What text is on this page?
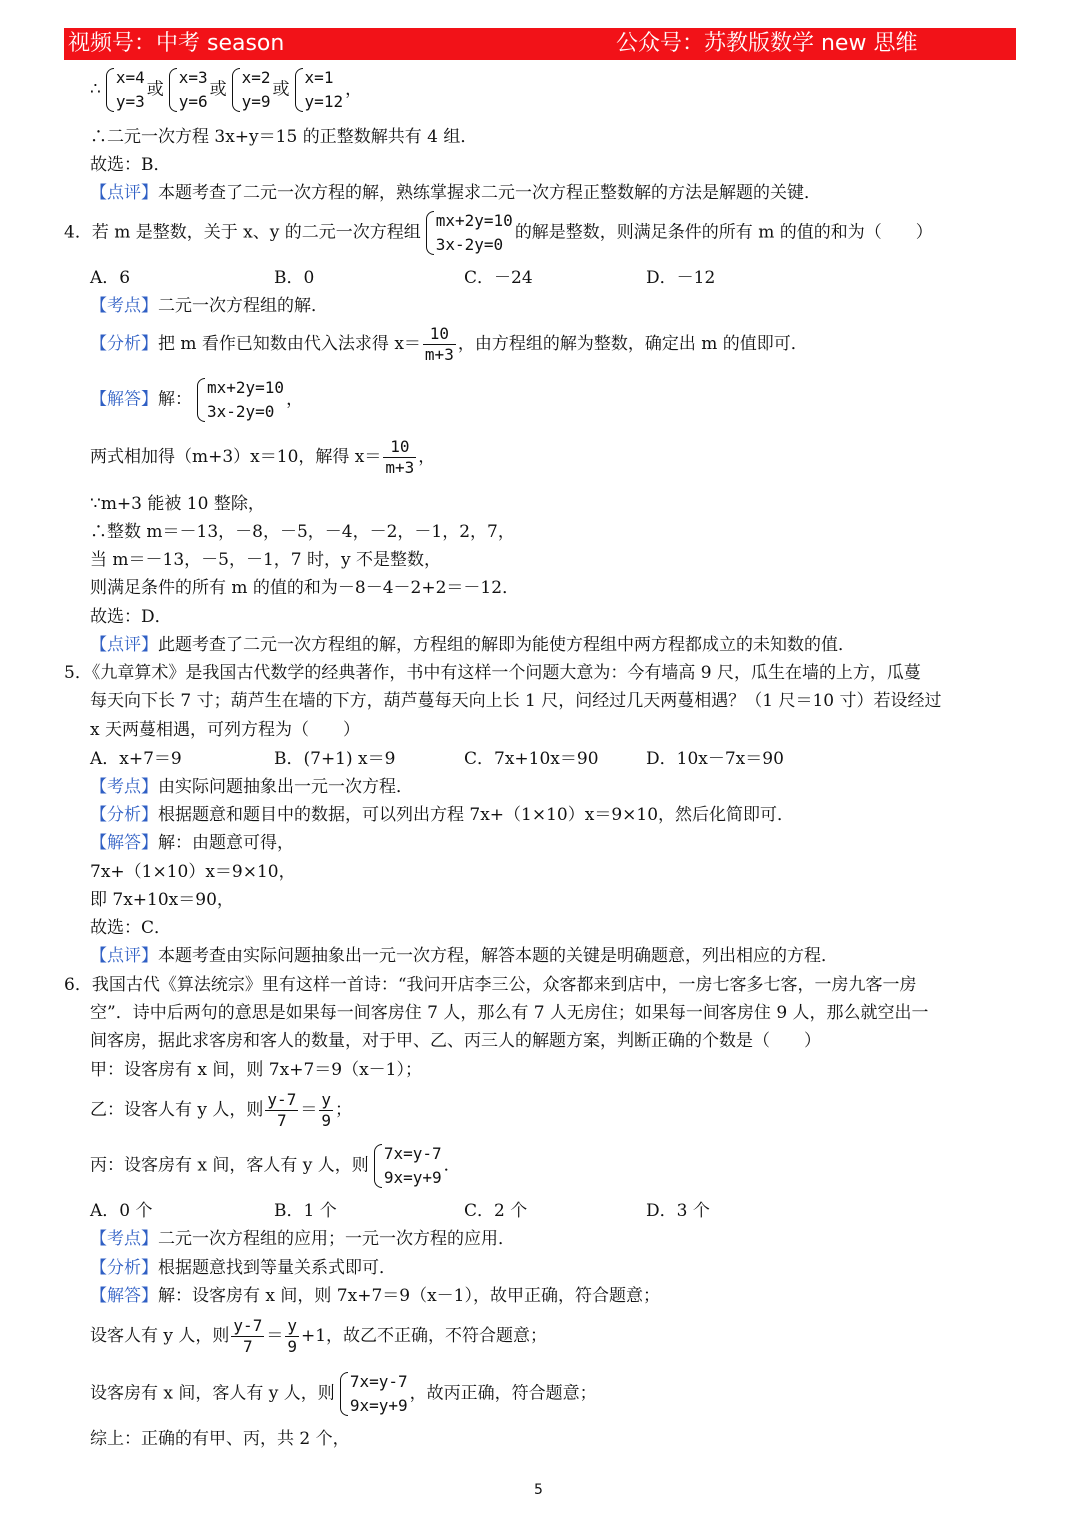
视频号：中考 season	公众号：苏教版数学 new 思维
∴
x=4
y=3
或
x=3
y=6
或
x=2
y=9
或
x=1
y=12
，
∴二元一次方程 3x+y＝15 的正整数解共有 4 组．
故选：B．
【点评】本题考查了二元一次方程的解，熟练掌握求二元一次方程正整数解的方法是解题的关键．
4．若 m 是整数，关于 x、y 的二元一次方程组
mx+2y=10
3x-2y=0
的解是整数，则满足条件的所有 m 的值的和为（　　）
A．6	B．0	C．－24	D．－12
【考点】二元一次方程组的解．
【分析】把 m 看作已知数由代入法求得 $x= \frac{10}{m+3}$ ，由方程组的解为整数，确定出 m 的值即可．
【解答】解：
mx+2y=10
3x-2y=0
，
两式相加得（m+3）x＝10，解得 $x= \frac{10}{m+3}$ ，
∵m+3 能被 10 整除，
∴整数 m＝－13，－8，－5，－4，－2，－1，2，7，
当 m＝－13，－5，－1，7 时，y 不是整数，
则满足条件的所有 m 的值的和为－8－4－2+2＝－12．
故选：D．
【点评】此题考查了二元一次方程组的解，方程组的解即为能使方程组中两方程都成立的未知数的值．
5．《九章算术》是我国古代数学的经典著作，书中有这样一个问题大意为：今有墙高 9 尺，瓜生在墙的上方，瓜蔓
每天向下长 7 寸；葫芦生在墙的下方，葫芦蔓每天向上长 1 尺，问经过几天两蔓相遇？（1 尺＝10 寸）若设经过
x 天两蔓相遇，可列方程为（　　）
A．x+7＝9	B．(7+1) x＝9	C．7x+10x＝90	D．10x－7x＝90
【考点】由实际问题抽象出一元一次方程．
【分析】根据题意和题目中的数据，可以列出方程 7x+（1×10）x＝9×10，然后化简即可．
【解答】解：由题意可得，
7x+（1×10）x＝9×10，
即 7x+10x＝90，
故选：C．
【点评】本题考查由实际问题抽象出一元一次方程，解答本题的关键是明确题意，列出相应的方程．
6．我国古代《算法统宗》里有这样一首诗：“我问开店李三公，众客都来到店中，一房七客多七客，一房九客一房
空”．诗中后两句的意思是如果每一间客房住 7 人，那么有 7 人无房住；如果每一间客房住 9 人，那么就空出一
间客房，据此求客房和客人的数量，对于甲、乙、丙三人的解题方案，判断正确的个数是（　　）
甲：设客房有 x 间，则 7x+7＝9（x－1）；
乙：设客人有 y 人，则 $\frac{y-7}{7} = \frac{y}{9}$ ；
丙：设客房有 x 间，客人有 y 人，则
7x=y-7
9x=y+9
．
A．0 个	B．1 个	C．2 个	D．3 个
【考点】二元一次方程组的应用；一元一次方程的应用．
【分析】根据题意找到等量关系式即可．
【解答】解：设客房有 x 间，则 7x+7＝9（x－1），故甲正确，符合题意；
设客人有 y 人，则 $\frac{y-7}{7} = \frac{y}{9} +1$，故乙不正确，不符合题意；
设客房有 x 间，客人有 y 人，则
7x=y-7
9x=y+9
，故丙正确，符合题意；
综上：正确的有甲、丙，共 2 个，
5
